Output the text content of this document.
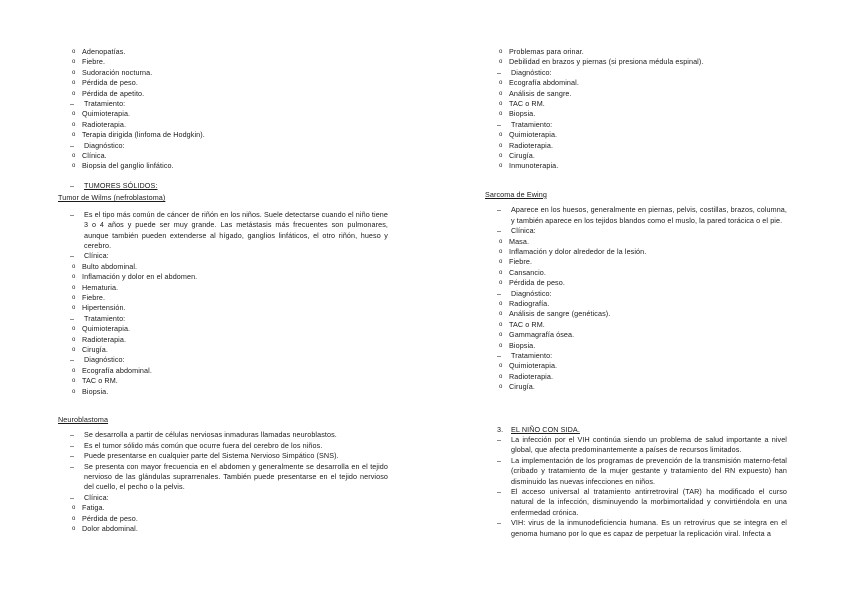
o Adenopatías.
o Fiebre.
o Sudoración nocturna.
o Pérdida de peso.
o Pérdida de apetito.
– Tratamiento:
o Quimioterapia.
o Radioterapia.
o Terapia dirigida (linfoma de Hodgkin).
– Diagnóstico:
o Clínica.
o Biopsia del ganglio linfático.
– TUMORES SÓLIDOS:
Tumor de Wilms (nefroblastoma)
– Es el tipo más común de cáncer de riñón en los niños. Suele detectarse cuando el niño tiene 3 o 4 años y puede ser muy grande. Las metástasis más frecuentes son pulmonares, aunque también pueden extenderse al hígado, ganglios linfáticos, el otro riñón, hueso y cerebro.
– Clínica:
o Bulto abdominal.
o Inflamación y dolor en el abdomen.
o Hematuria.
o Fiebre.
o Hipertensión.
– Tratamiento:
o Quimioterapia.
o Radioterapia.
o Cirugía.
– Diagnóstico:
o Ecografía abdominal.
o TAC o RM.
o Biopsia.
Neuroblastoma
– Se desarrolla a partir de células nerviosas inmaduras llamadas neuroblastos.
– Es el tumor sólido más común que ocurre fuera del cerebro de los niños.
– Puede presentarse en cualquier parte del Sistema Nervioso Simpático (SNS).
– Se presenta con mayor frecuencia en el abdomen y generalmente se desarrolla en el tejido nervioso de las glándulas suprarrenales. También puede presentarse en el tejido nervioso del cuello, el pecho o la pelvis.
– Clínica:
o Fatiga.
o Pérdida de peso.
o Dolor abdominal.
o Problemas para orinar.
o Debilidad en brazos y piernas (si presiona médula espinal).
– Diagnóstico:
o Ecografía abdominal.
o Análisis de sangre.
o TAC o RM.
o Biopsia.
– Tratamiento:
o Quimioterapia.
o Radioterapia.
o Cirugía.
o Inmunoterapia.
Sarcoma de Ewing
– Aparece en los huesos, generalmente en piernas, pelvis, costillas, brazos, columna, y también aparece en los tejidos blandos como el muslo, la pared torácica o el pie.
– Clínica:
o Masa.
o Inflamación y dolor alrededor de la lesión.
o Fiebre.
o Cansancio.
o Pérdida de peso.
– Diagnóstico:
o Radiografía.
o Análisis de sangre (genéticas).
o TAC o RM.
o Gammagrafía ósea.
o Biopsia.
– Tratamiento:
o Quimioterapia.
o Radioterapia.
o Cirugía.
3. EL NIÑO CON SIDA.
– La infección por el VIH continúa siendo un problema de salud importante a nivel global, que afecta predominantemente a países de recursos limitados.
– La implementación de los programas de prevención de la transmisión materno-fetal (cribado y tratamiento de la mujer gestante y tratamiento del RN expuesto) han disminuido las nuevas infecciones en niños.
– El acceso universal al tratamiento antirretroviral (TAR) ha modificado el curso natural de la infección, disminuyendo la morbimortalidad y convirtiéndola en una enfermedad crónica.
– VIH: virus de la inmunodeficiencia humana. Es un retrovirus que se integra en el genoma humano por lo que es capaz de perpetuar la replicación viral. Infecta a
